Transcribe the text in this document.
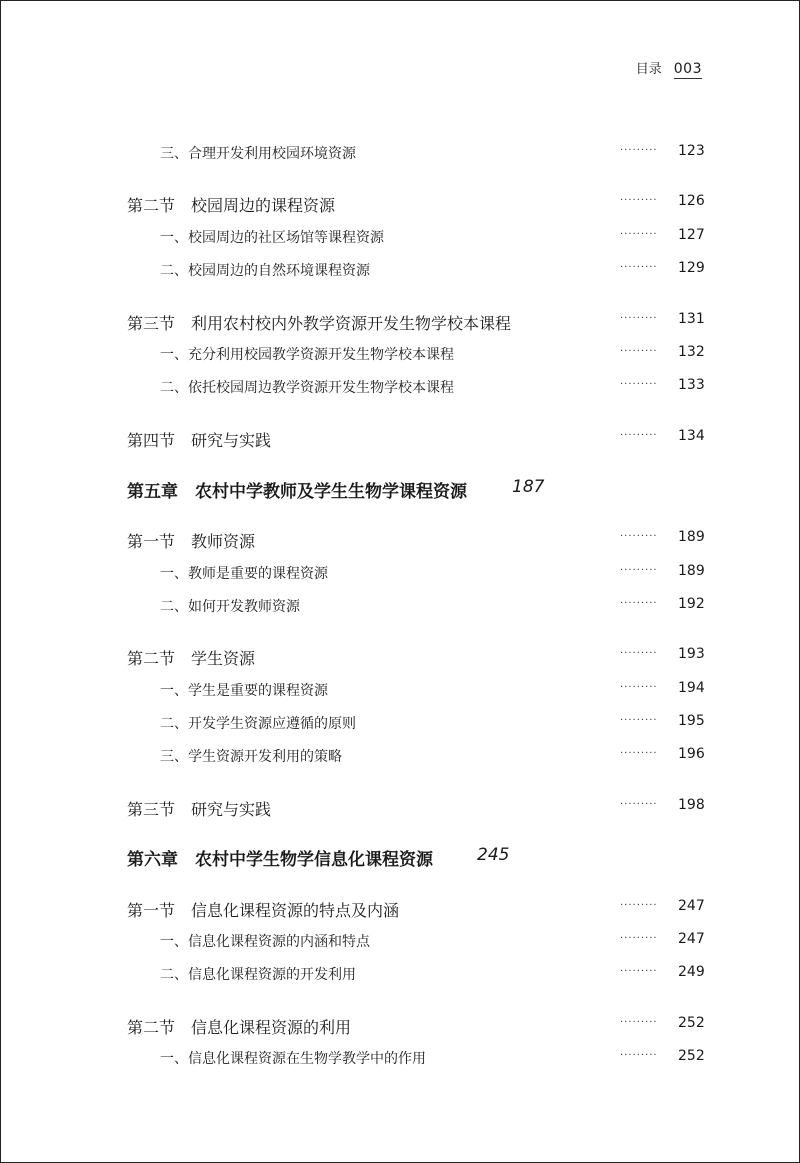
目录 003
三、合理开发利用校园环境资源	········· 123
第二节　校园周边的课程资源	········· 126
一、校园周边的社区场馆等课程资源	········· 127
二、校园周边的自然环境课程资源	········· 129
第三节　利用农村校内外教学资源开发生物学校本课程	········· 131
一、充分利用校园教学资源开发生物学校本课程	········· 132
二、依托校园周边教学资源开发生物学校本课程	········· 133
第四节　研究与实践	········· 134
第五章　农村中学教师及学生生物学课程资源	187
第一节　教师资源	········· 189
一、教师是重要的课程资源	········· 189
二、如何开发教师资源	········· 192
第二节　学生资源	········· 193
一、学生是重要的课程资源	········· 194
二、开发学生资源应遵循的原则	········· 195
三、学生资源开发利用的策略	········· 196
第三节　研究与实践	········· 198
第六章　农村中学生物学信息化课程资源	245
第一节　信息化课程资源的特点及内涵	········· 247
一、信息化课程资源的内涵和特点	········· 247
二、信息化课程资源的开发利用	········· 249
第二节　信息化课程资源的利用	········· 252
一、信息化课程资源在生物学教学中的作用	········· 252
